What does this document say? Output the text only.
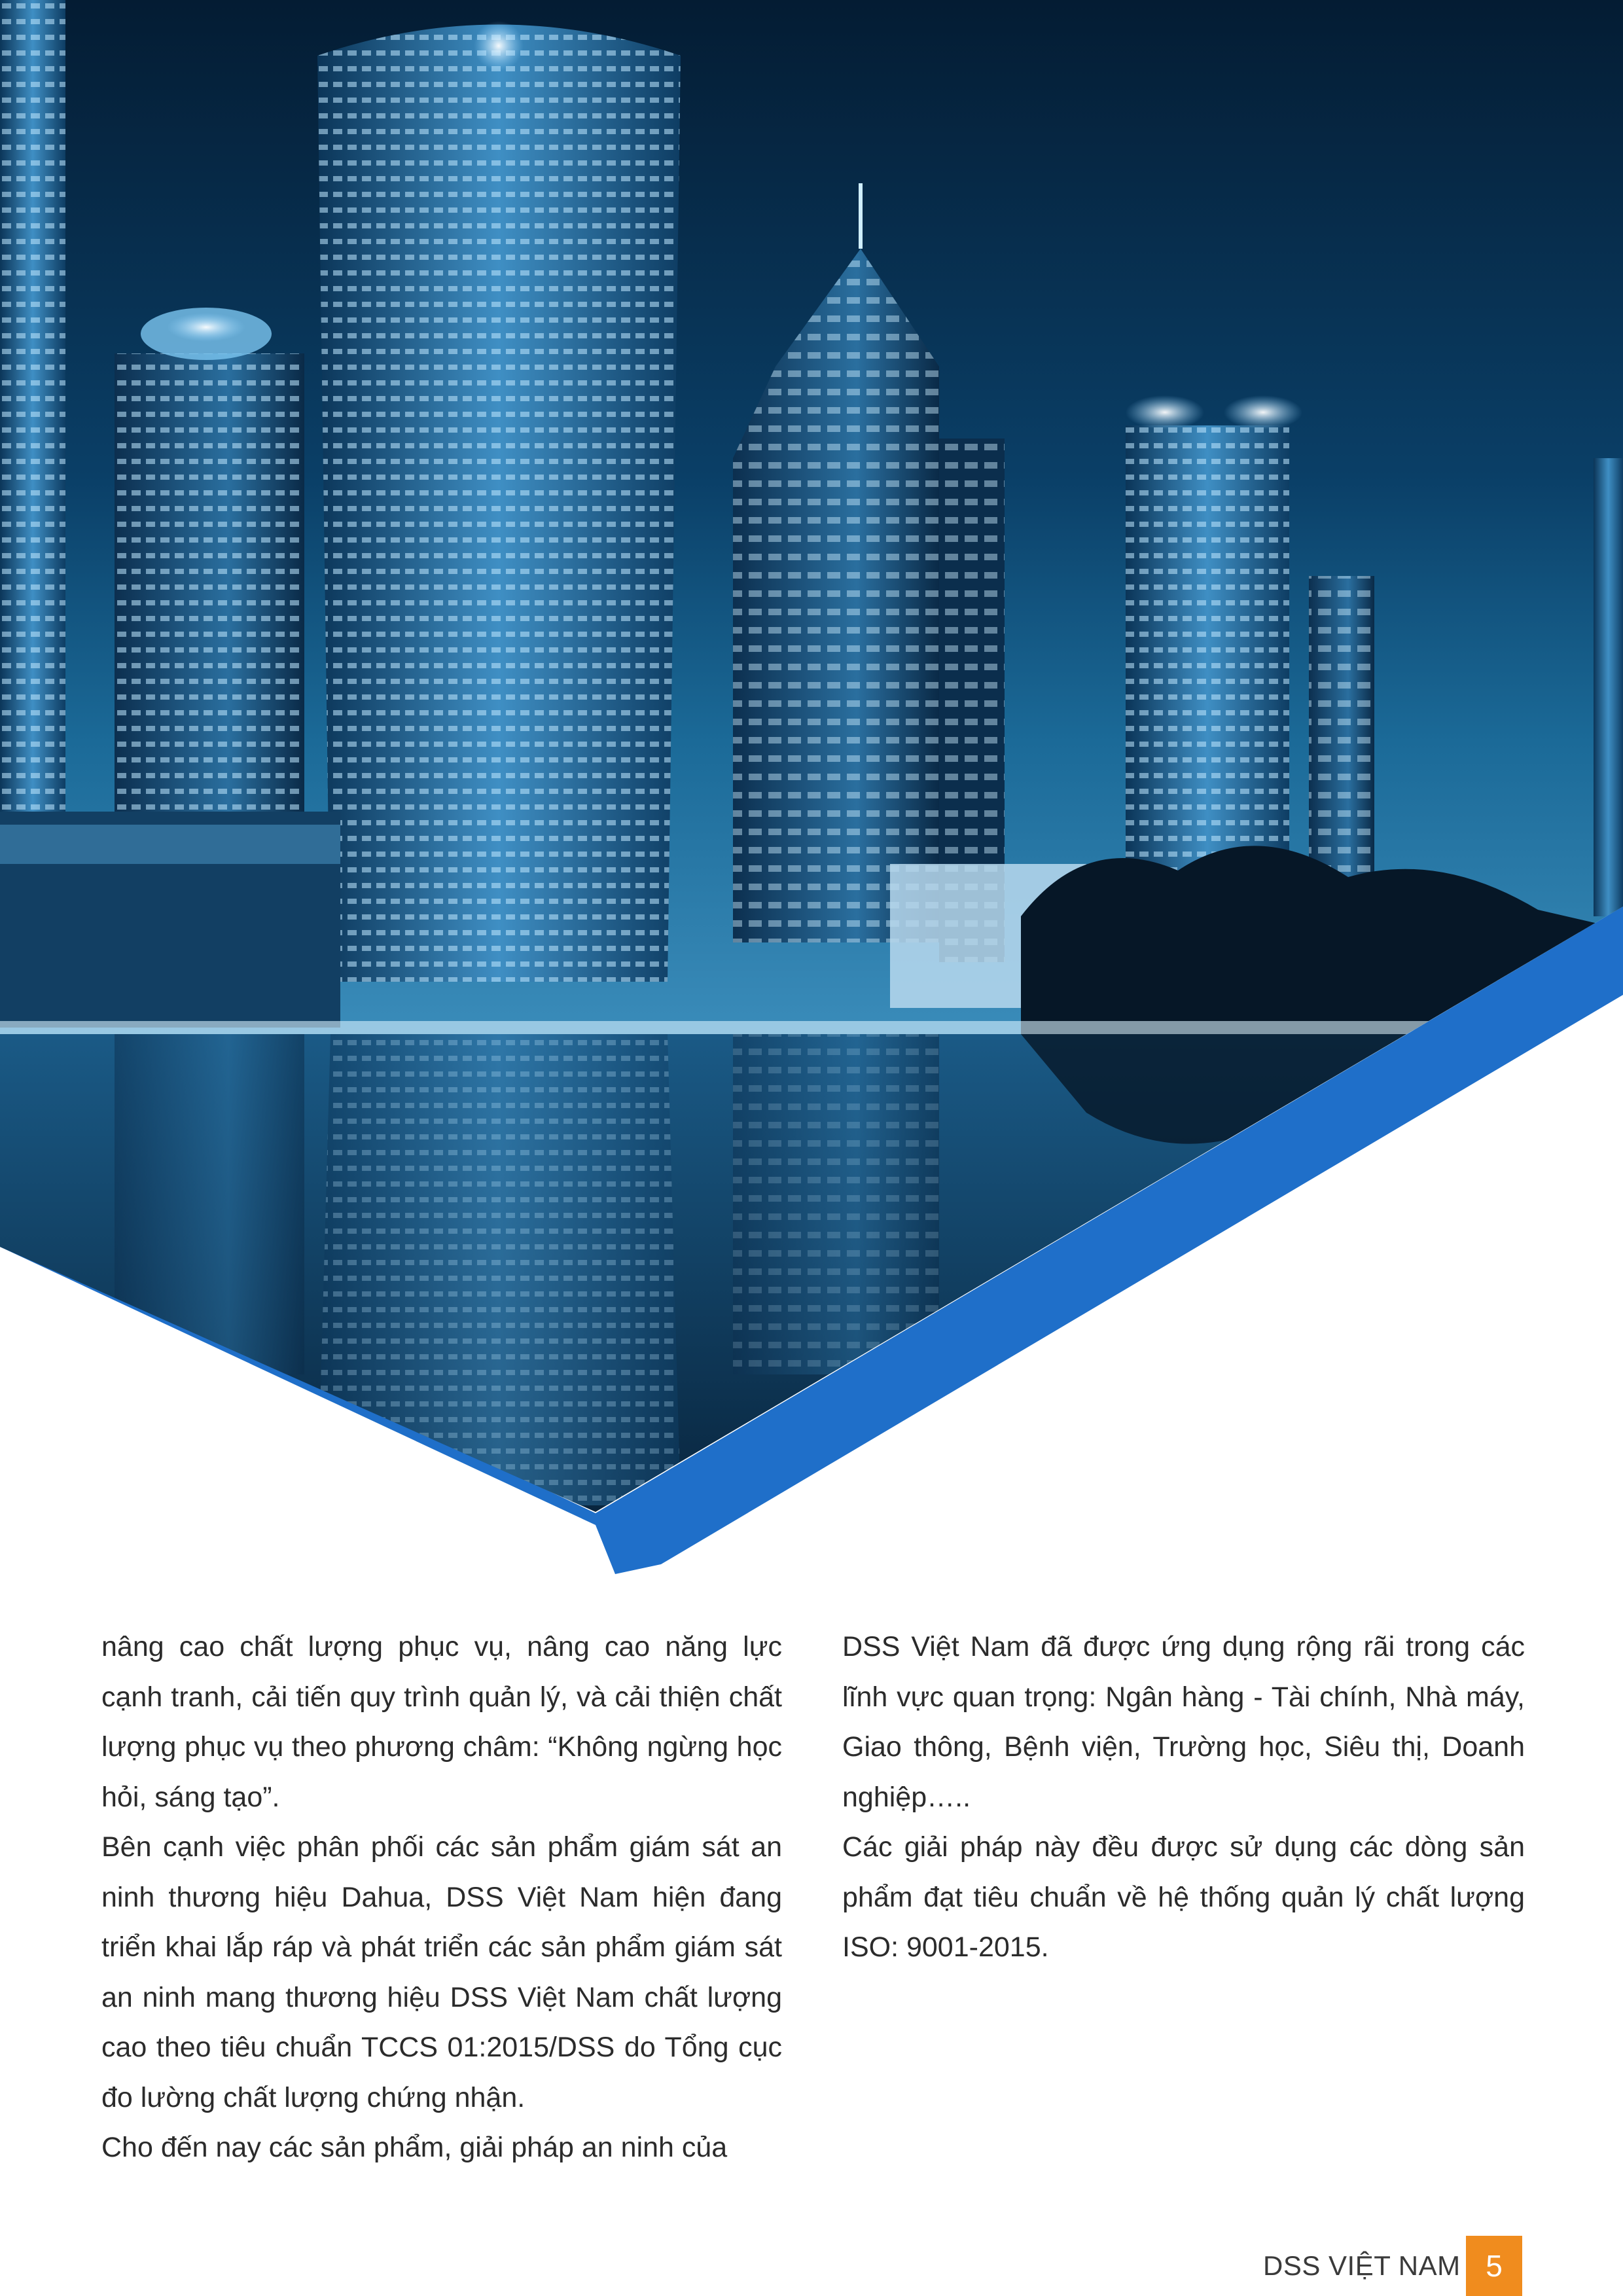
nâng cao chất lượng phục vụ, nâng cao năng lực cạnh tranh, cải tiến quy trình quản lý, và cải thiện chất lượng phục vụ theo phương châm: “Không ngừng học hỏi, sáng tạo”.

Bên cạnh việc phân phối các sản phẩm giám sát an ninh thương hiệu Dahua, DSS Việt Nam hiện đang triển khai lắp ráp và phát triển các sản phẩm giám sát an ninh mang thương hiệu DSS Việt Nam chất lượng cao theo tiêu chuẩn TCCS 01:2015/DSS do Tổng cục đo lường chất lượng chứng nhận.

Cho đến nay các sản phẩm, giải pháp an ninh của

DSS Việt Nam đã được ứng dụng rộng rãi trong các lĩnh vực quan trọng: Ngân hàng - Tài chính, Nhà máy, Giao thông, Bệnh viện, Trường học, Siêu thị, Doanh nghiệp…..

Các giải pháp này đều được sử dụng các dòng sản phẩm đạt tiêu chuẩn về hệ thống quản lý chất lượng ISO: 9001-2015.

DSS VIỆT NAM 5
